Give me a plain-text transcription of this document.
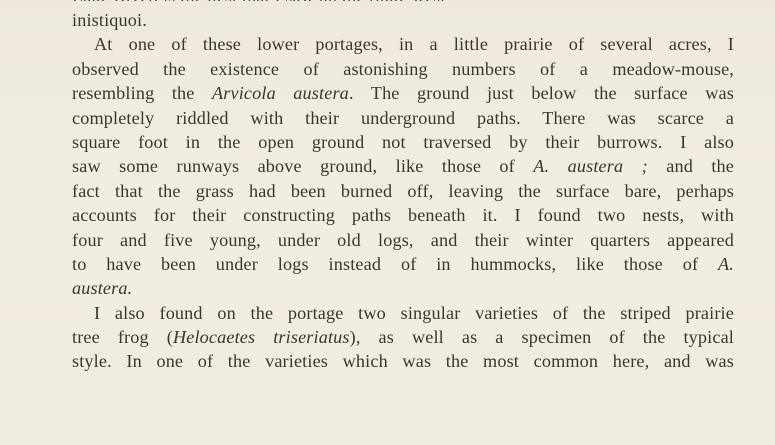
inistiquoi.
At one of these lower portages, in a little prairie of several acres, I
observed the existence of astonishing numbers of a meadow-mouse,
resembling the Arvicola austera. The ground just below the surface was
completely riddled with their underground paths. There was scarce a
square foot in the open ground not traversed by their burrows. I also
saw some runways above ground, like those of A. austera ; and the
fact that the grass had been burned off, leaving the surface bare, perhaps
accounts for their constructing paths beneath it. I found two nests, with
four and five young, under old logs, and their winter quarters appeared
to have been under logs instead of in hummocks, like those of A.
austera.
I also found on the portage two singular varieties of the striped prairie
tree frog (Helocaetes triseriatus), as well as a specimen of the typical
style. In one of the varieties which was the most common here, and was
